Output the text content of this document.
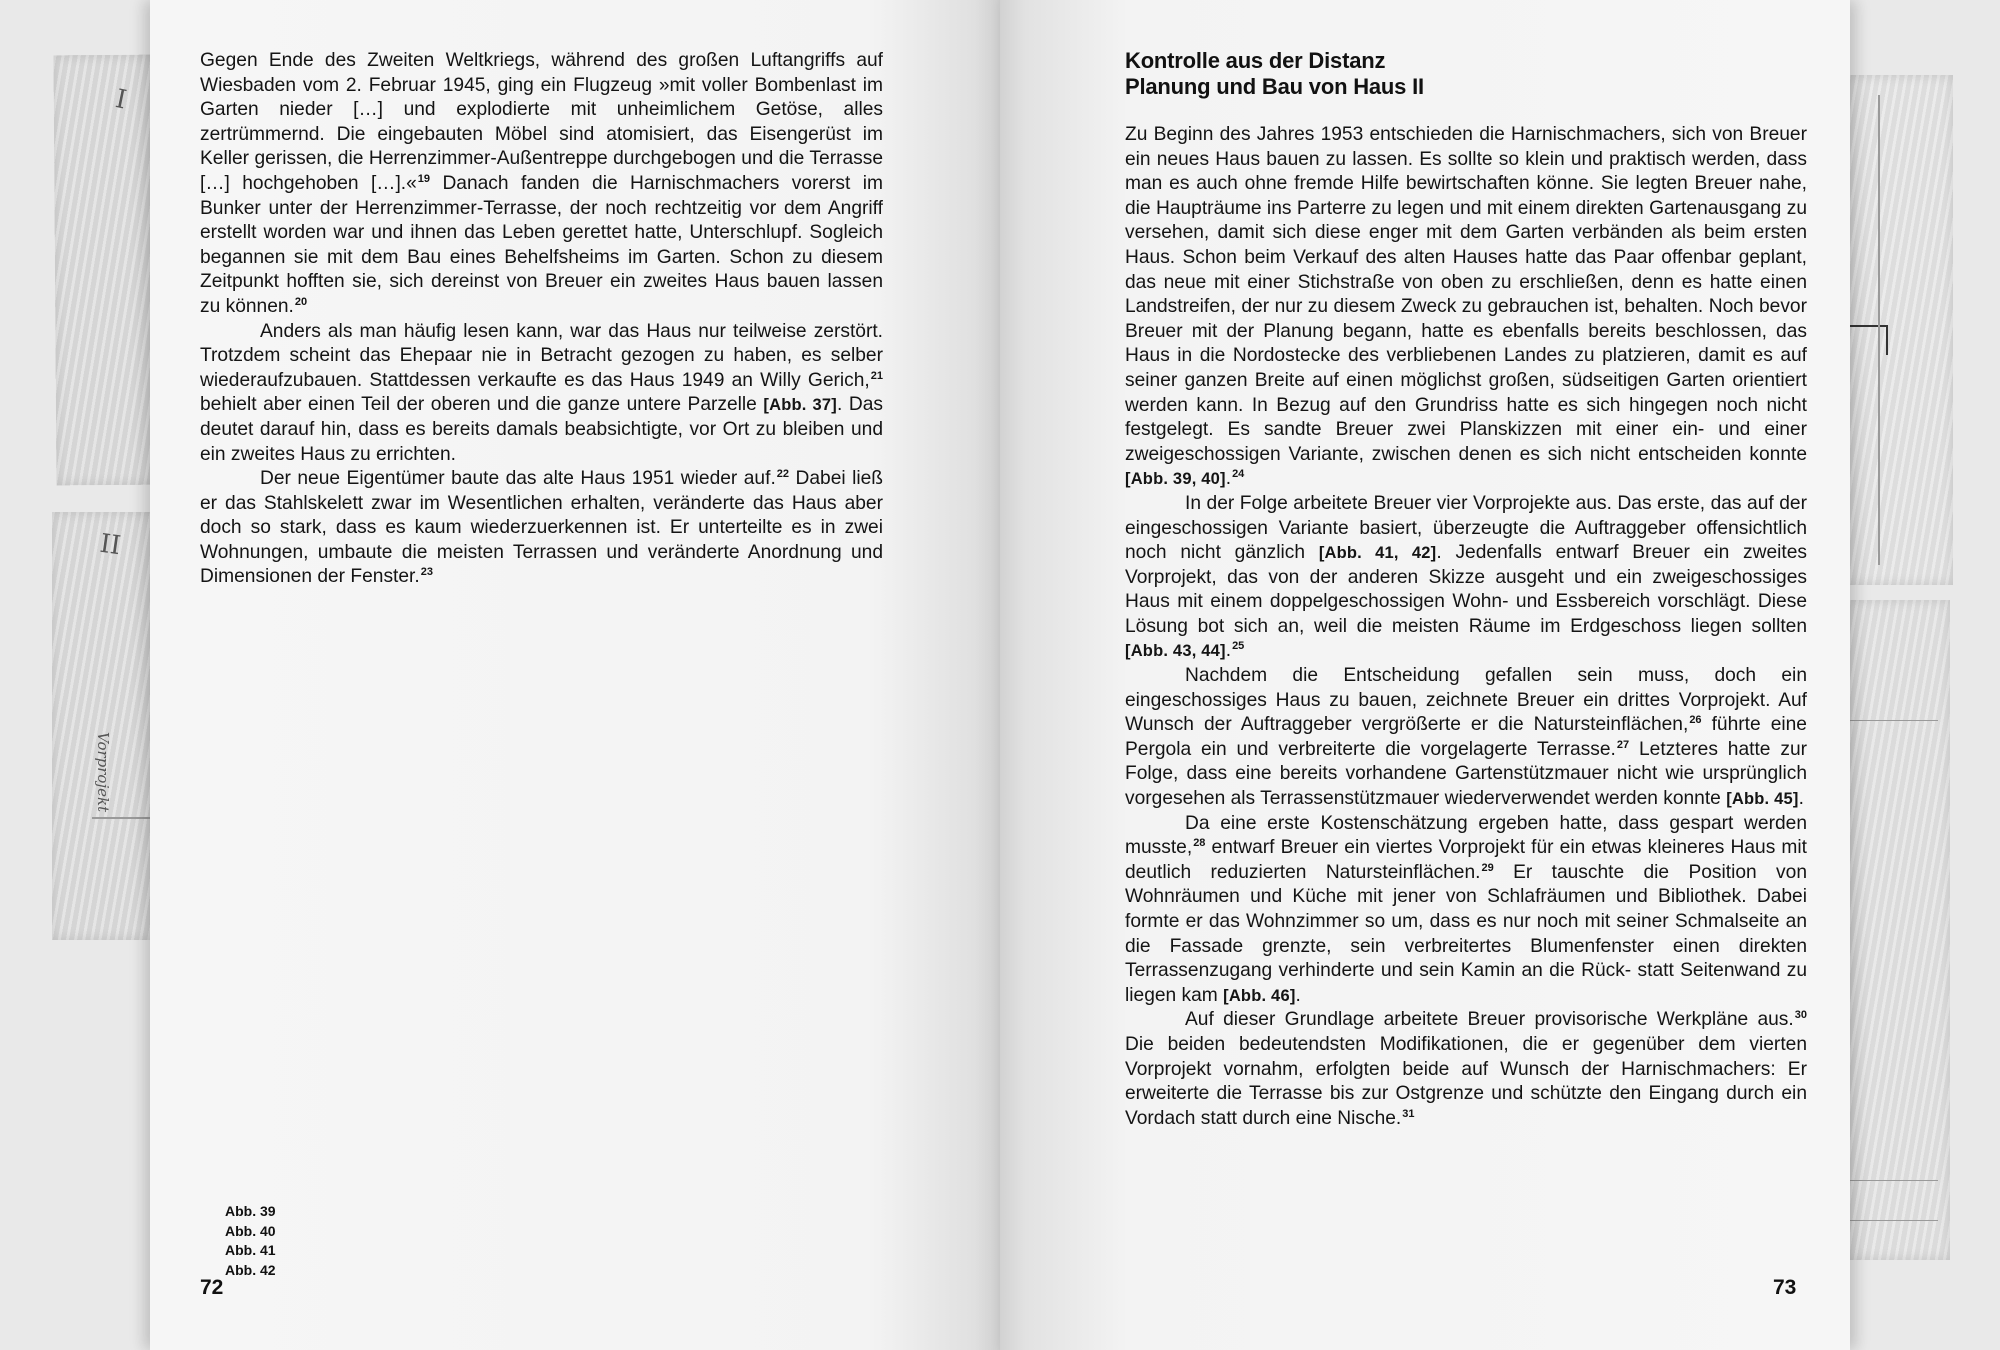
I
II
Vorprojekt

Gegen Ende des Zweiten Weltkriegs, während des großen Luftangriffs auf Wiesbaden vom 2. Februar 1945, ging ein Flugzeug »mit voller Bombenlast im Garten nieder […] und explodierte mit unheimlichem Getöse, alles zertrümmernd. Die eingebauten Möbel sind atomisiert, das Eisengerüst im Keller gerissen, die Herrenzimmer-Außentreppe durchgebogen und die Terrasse […] hochgehoben […].«$^{19}$ Danach fanden die Harnischmachers vorerst im Bunker unter der Herrenzimmer-Terrasse, der noch rechtzeitig vor dem Angriff erstellt worden war und ihnen das Leben gerettet hatte, Unterschlupf. Sogleich begannen sie mit dem Bau eines Behelfsheims im Garten. Schon zu diesem Zeitpunkt hofften sie, sich dereinst von Breuer ein zweites Haus bauen lassen zu können.$^{20}$

Anders als man häufig lesen kann, war das Haus nur teilweise zerstört. Trotzdem scheint das Ehepaar nie in Betracht gezogen zu haben, es selber wiederaufzubauen. Stattdessen verkaufte es das Haus 1949 an Willy Gerich,$^{21}$ behielt aber einen Teil der oberen und die ganze untere Parzelle [Abb. 37]. Das deutet darauf hin, dass es bereits damals beabsichtigte, vor Ort zu bleiben und ein zweites Haus zu errichten.

Der neue Eigentümer baute das alte Haus 1951 wieder auf.$^{22}$ Dabei ließ er das Stahlskelett zwar im Wesentlichen erhalten, veränderte das Haus aber doch so stark, dass es kaum wiederzuerkennen ist. Er unterteilte es in zwei Wohnungen, umbaute die meisten Terrassen und veränderte Anordnung und Dimensionen der Fenster.$^{23}$

Abb. 39
Abb. 40
Abb. 41
Abb. 42
72
Kontrolle aus der Distanz
Planung und Bau von Haus II

Zu Beginn des Jahres 1953 entschieden die Harnischmachers, sich von Breuer ein neues Haus bauen zu lassen. Es sollte so klein und praktisch werden, dass man es auch ohne fremde Hilfe bewirtschaften könne. Sie legten Breuer nahe, die Haupträume ins Parterre zu legen und mit einem direkten Gartenausgang zu versehen, damit sich diese enger mit dem Garten verbänden als beim ersten Haus. Schon beim Verkauf des alten Hauses hatte das Paar offenbar geplant, das neue mit einer Stichstraße von oben zu erschließen, denn es hatte einen Landstreifen, der nur zu diesem Zweck zu gebrauchen ist, behalten. Noch bevor Breuer mit der Planung begann, hatte es ebenfalls bereits beschlossen, das Haus in die Nordostecke des verbliebenen Landes zu platzieren, damit es auf seiner ganzen Breite auf einen möglichst großen, südseitigen Garten orientiert werden kann. In Bezug auf den Grundriss hatte es sich hingegen noch nicht festgelegt. Es sandte Breuer zwei Planskizzen mit einer ein- und einer zweigeschossigen Variante, zwischen denen es sich nicht entscheiden konnte [Abb. 39, 40].$^{24}$

In der Folge arbeitete Breuer vier Vorprojekte aus. Das erste, das auf der eingeschossigen Variante basiert, überzeugte die Auftraggeber offensichtlich noch nicht gänzlich [Abb. 41, 42]. Jedenfalls entwarf Breuer ein zweites Vorprojekt, das von der anderen Skizze ausgeht und ein zweigeschossiges Haus mit einem doppelgeschossigen Wohn- und Essbereich vorschlägt. Diese Lösung bot sich an, weil die meisten Räume im Erdgeschoss liegen sollten [Abb. 43, 44].$^{25}$

Nachdem die Entscheidung gefallen sein muss, doch ein eingeschossiges Haus zu bauen, zeichnete Breuer ein drittes Vorprojekt. Auf Wunsch der Auftraggeber vergrößerte er die Natursteinflächen,$^{26}$ führte eine Pergola ein und verbreiterte die vorgelagerte Terrasse.$^{27}$ Letzteres hatte zur Folge, dass eine bereits vorhandene Gartenstützmauer nicht wie ursprünglich vorgesehen als Terrassenstützmauer wiederverwendet werden konnte [Abb. 45].

Da eine erste Kostenschätzung ergeben hatte, dass gespart werden musste,$^{28}$ entwarf Breuer ein viertes Vorprojekt für ein etwas kleineres Haus mit deutlich reduzierten Natursteinflächen.$^{29}$ Er tauschte die Position von Wohnräumen und Küche mit jener von Schlafräumen und Bibliothek. Dabei formte er das Wohnzimmer so um, dass es nur noch mit seiner Schmalseite an die Fassade grenzte, sein verbreitertes Blumenfenster einen direkten Terrassenzugang verhinderte und sein Kamin an die Rück- statt Seitenwand zu liegen kam [Abb. 46].

Auf dieser Grundlage arbeitete Breuer provisorische Werkpläne aus.$^{30}$ Die beiden bedeutendsten Modifikationen, die er gegenüber dem vierten Vorprojekt vornahm, erfolgten beide auf Wunsch der Harnischmachers: Er erweiterte die Terrasse bis zur Ostgrenze und schützte den Eingang durch ein Vordach statt durch eine Nische.$^{31}$

73
